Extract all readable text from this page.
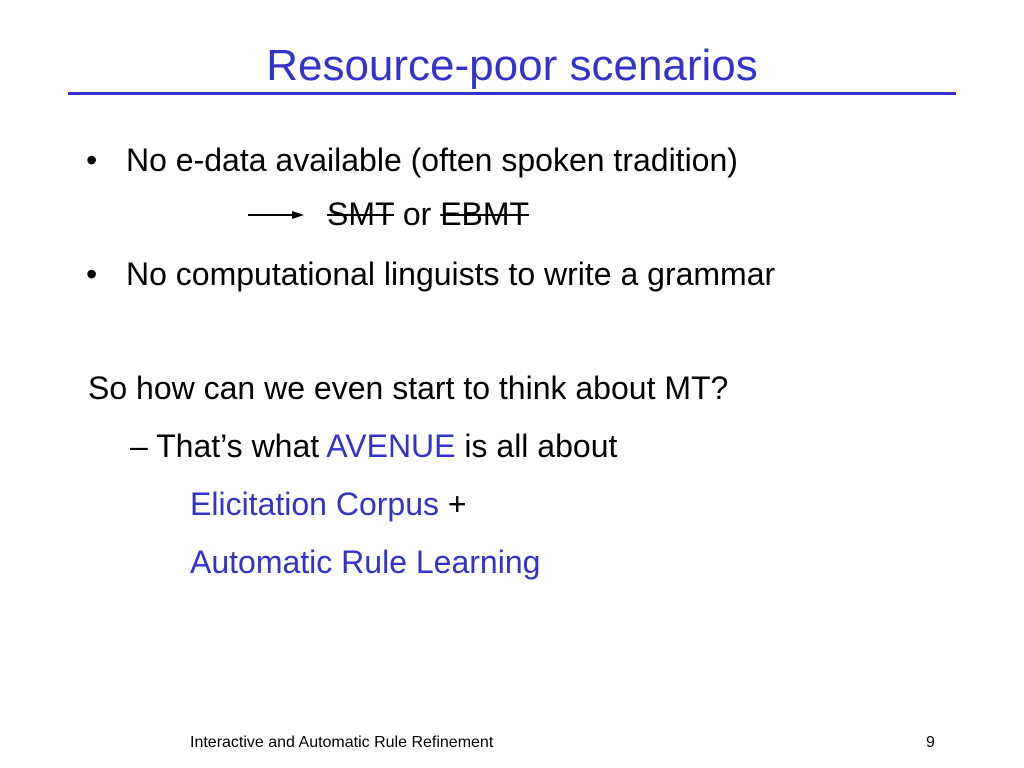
Resource-poor scenarios
• No e-data available (often spoken tradition)
SMT or EBMT
• No computational linguists to write a grammar
So how can we even start to think about MT?
– That’s what AVENUE is all about
Elicitation Corpus +
Automatic Rule Learning
Interactive and Automatic Rule Refinement	9
